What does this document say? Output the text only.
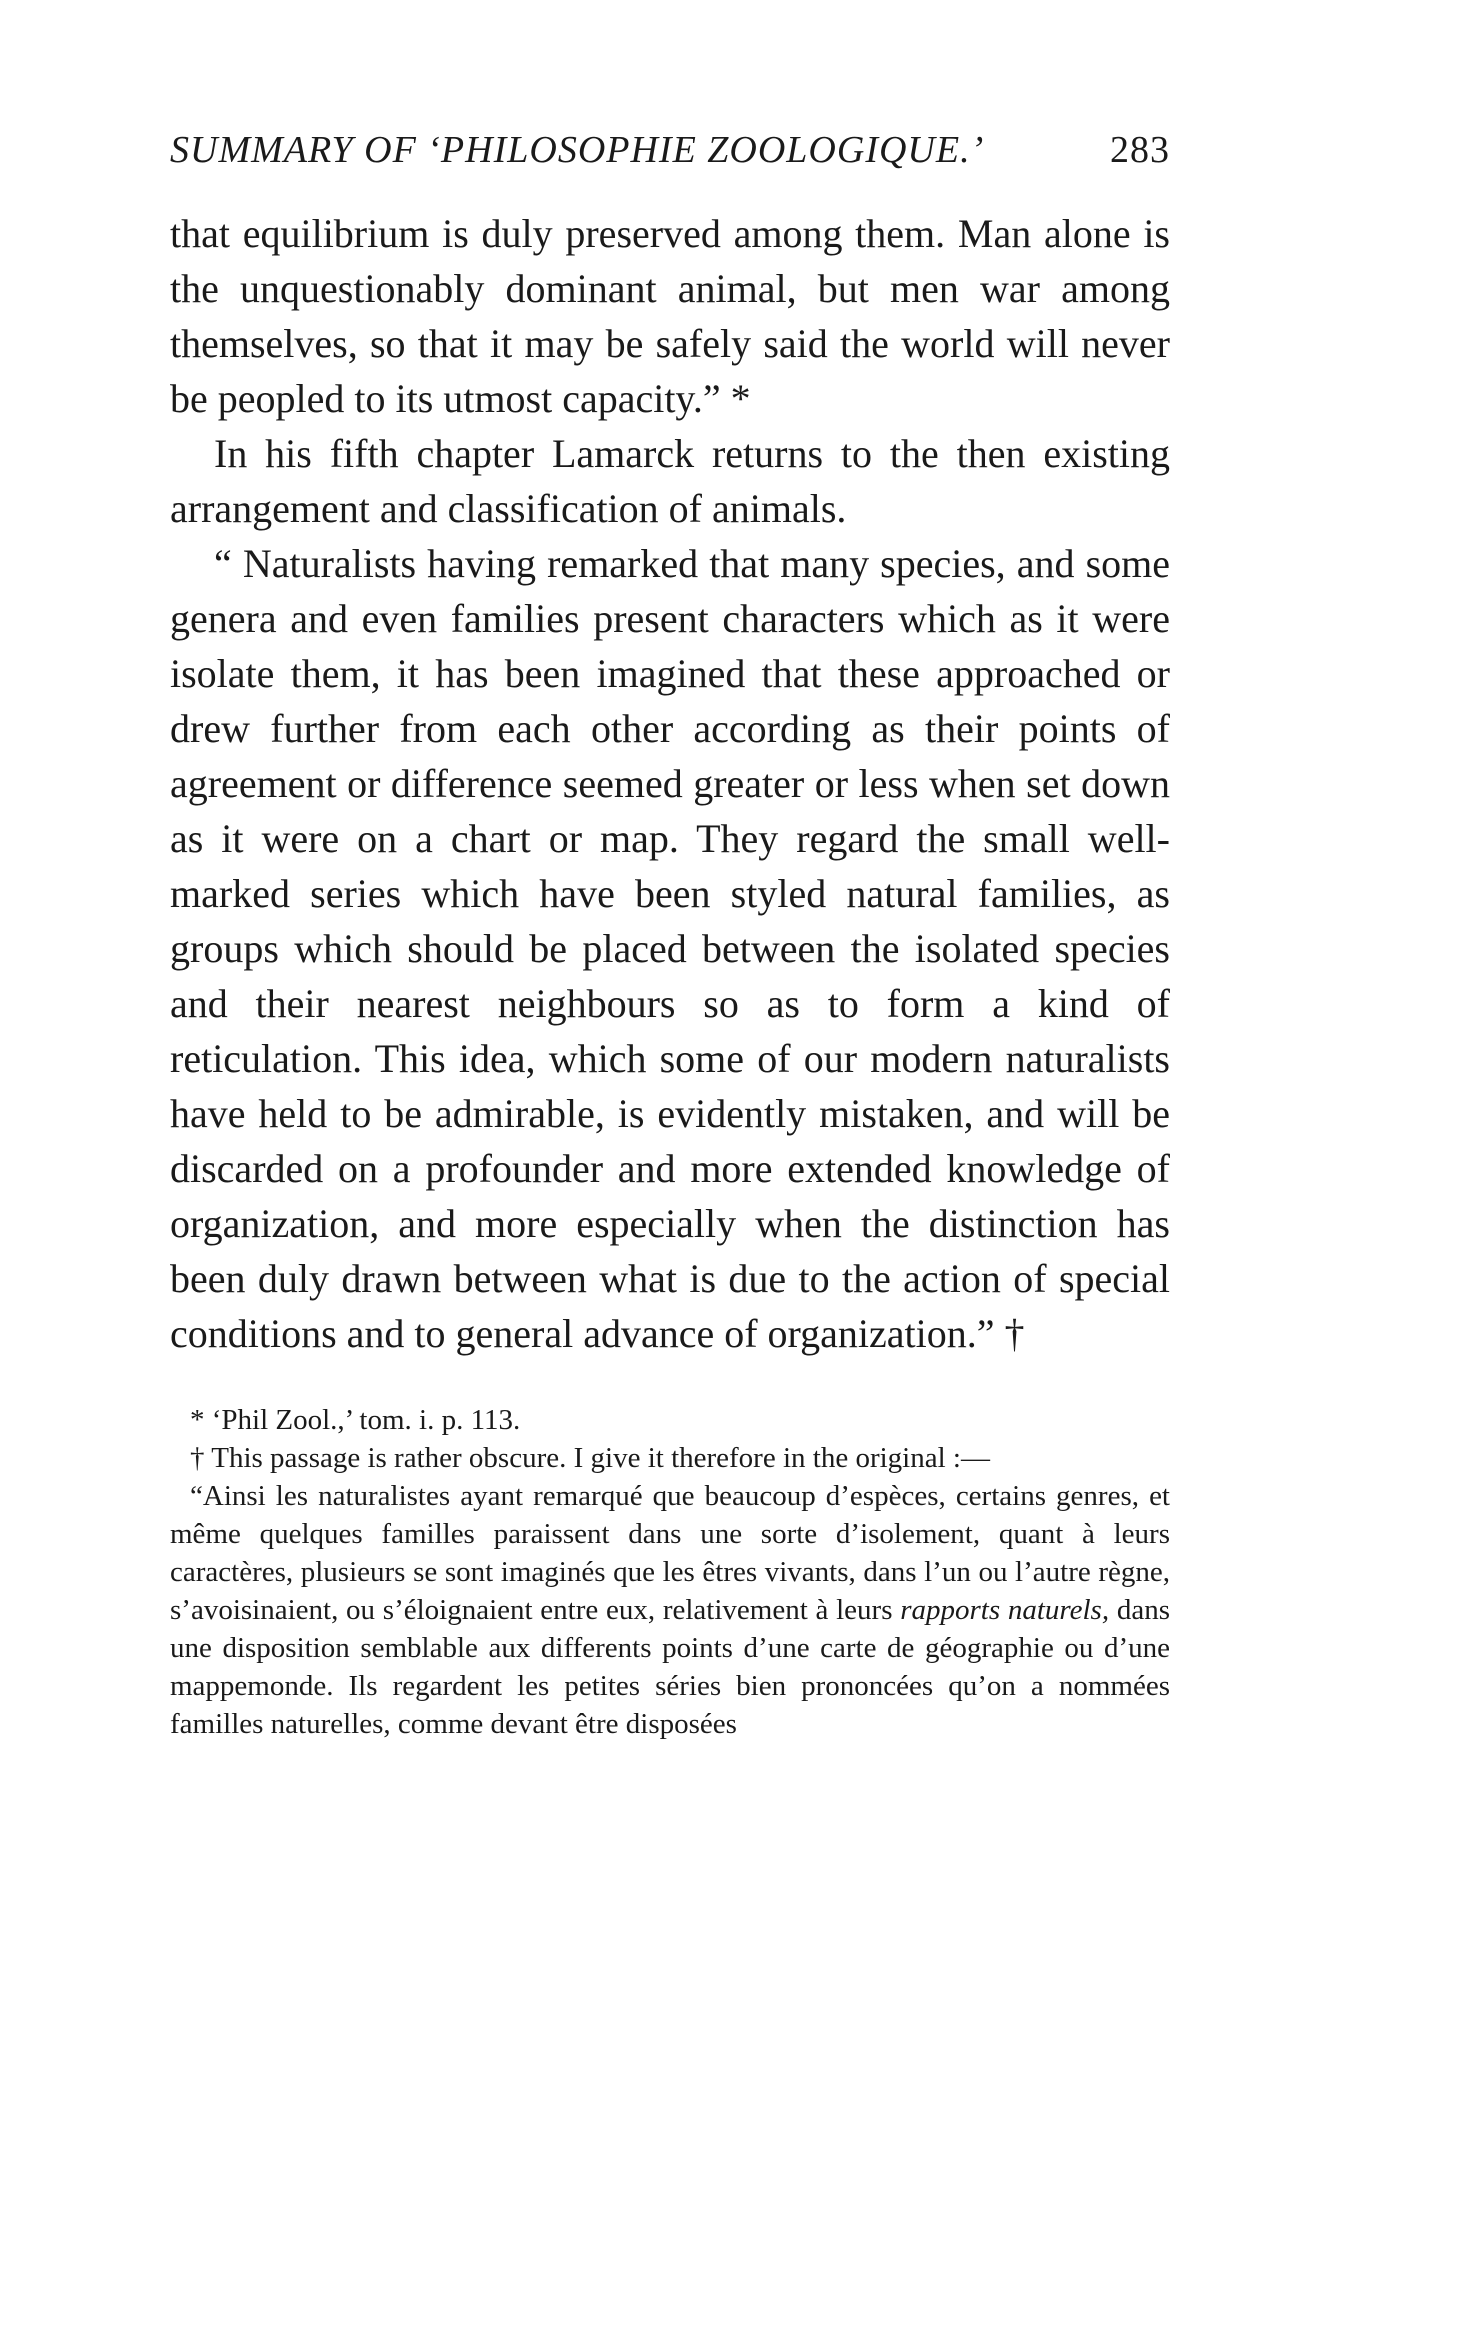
SUMMARY OF ‘PHILOSOPHIE ZOOLOGIQUE.’	283

that equilibrium is duly preserved among them. Man alone is the unquestionably dominant animal, but men war among themselves, so that it may be safely said the world will never be peopled to its utmost capacity.” *

In his fifth chapter Lamarck returns to the then existing arrangement and classification of animals.

“ Naturalists having remarked that many species, and some genera and even families present characters which as it were isolate them, it has been imagined that these approached or drew further from each other according as their points of agreement or difference seemed greater or less when set down as it were on a chart or map. They regard the small well-marked series which have been styled natural families, as groups which should be placed between the isolated species and their nearest neighbours so as to form a kind of reticulation. This idea, which some of our modern naturalists have held to be admirable, is evidently mistaken, and will be discarded on a profounder and more extended knowledge of organization, and more especially when the distinction has been duly drawn between what is due to the action of special conditions and to general advance of organization.” †

* ‘Phil Zool.,’ tom. i. p. 113.

† This passage is rather obscure. I give it therefore in the original :—

“Ainsi les naturalistes ayant remarqué que beaucoup d’espèces, certains genres, et même quelques familles paraissent dans une sorte d’isolement, quant à leurs caractères, plusieurs se sont imaginés que les êtres vivants, dans l’un ou l’autre règne, s’avoisinaient, ou s’éloignaient entre eux, relativement à leurs rapports naturels, dans une disposition semblable aux differents points d’une carte de géographie ou d’une mappemonde. Ils regardent les petites séries bien prononcées qu’on a nommées familles naturelles, comme devant être disposées
